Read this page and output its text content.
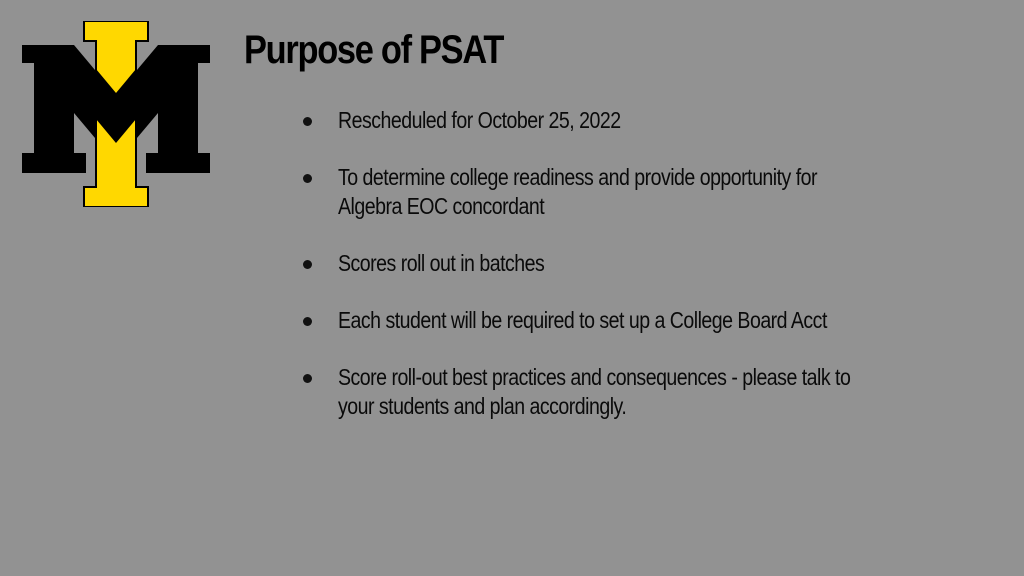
Purpose of PSAT
Rescheduled for October 25, 2022
To determine college readiness and provide opportunity for Algebra EOC concordant
Scores roll out in batches
Each student will be required to set up a College Board Acct
Score roll-out best practices and consequences - please talk to your students and plan accordingly.
